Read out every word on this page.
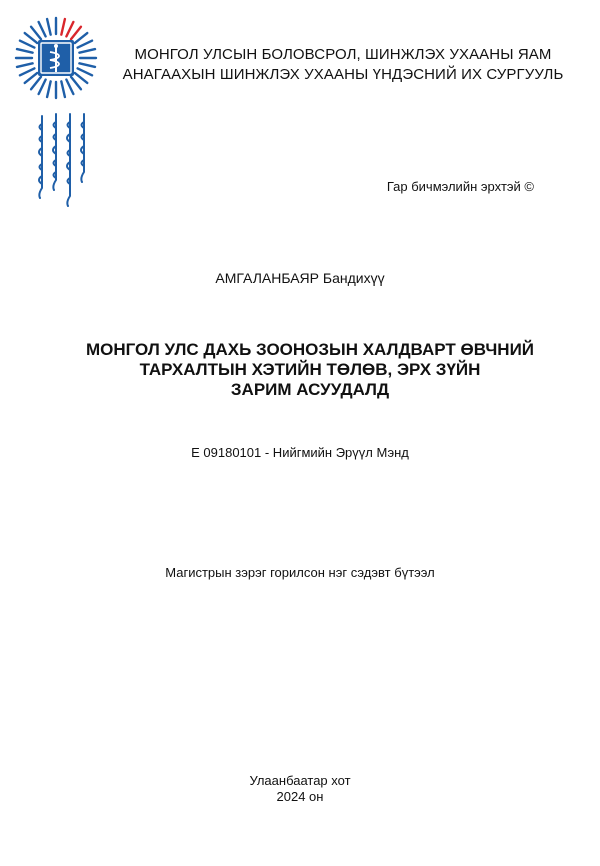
МОНГОЛ УЛСЫН БОЛОВСРОЛ, ШИНЖЛЭХ УХААНЫ ЯАМ
АНАГААХЫН ШИНЖЛЭХ УХААНЫ ҮНДЭСНИЙ ИХ СУРГУУЛЬ
Гар бичмэлийн эрхтэй ©
АМГАЛАНБАЯР Бандихүү
МОНГОЛ УЛС ДАХЬ ЗООНОЗЫН ХАЛДВАРТ ӨВЧНИЙ
ТАРХАЛТЫН ХЭТИЙН ТӨЛӨВ, ЭРХ ЗҮЙН
ЗАРИМ АСУУДАЛД
E 09180101 - Нийгмийн Эрүүл Мэнд
Магистрын зэрэг горилсон нэг сэдэвт бүтээл
Улаанбаатар хот
2024 он
